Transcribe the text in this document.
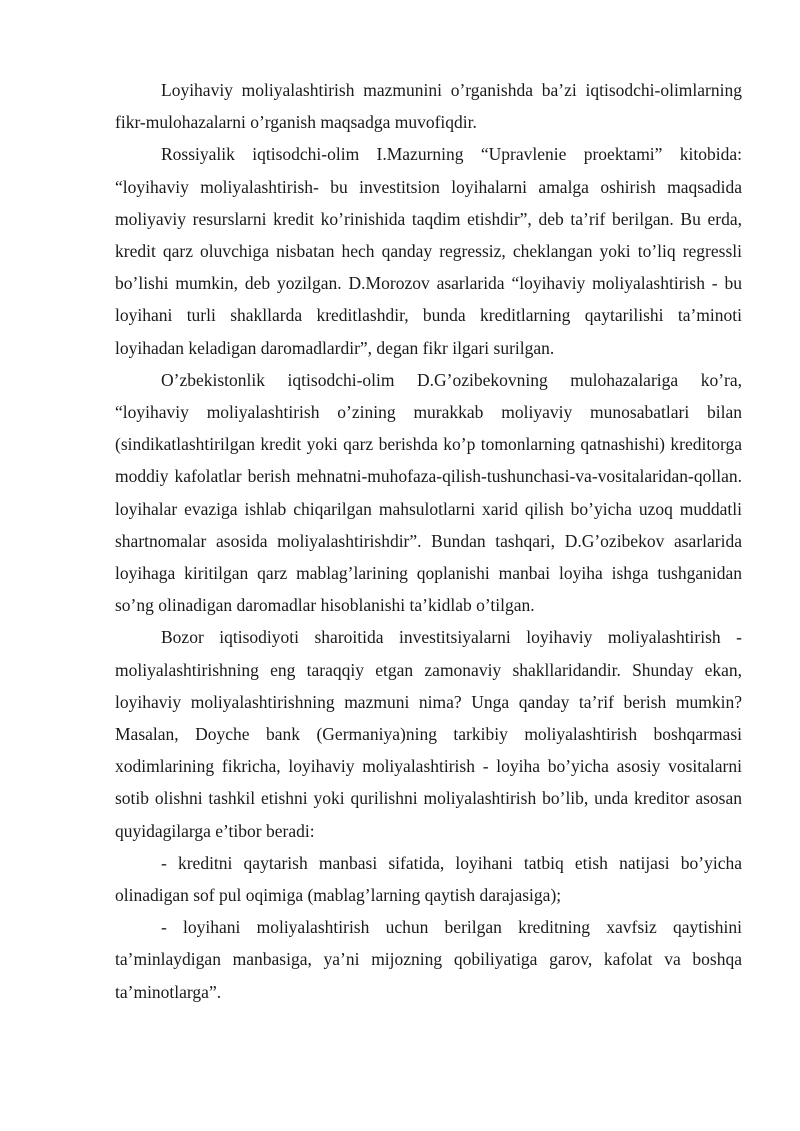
Loyihaviy moliyalashtirish mazmunini o’rganishda ba’zi iqtisodchi-olimlarning fikr-mulohazalarni o’rganish maqsadga muvofiqdir.

Rossiyalik iqtisodchi-olim I.Mazurning “Upravlenie proektami” kitobida: “loyihaviy moliyalashtirish- bu investitsion loyihalarni amalga oshirish maqsadida moliyaviy resurslarni kredit ko’rinishida taqdim etishdir”, deb ta’rif berilgan. Bu erda, kredit qarz oluvchiga nisbatan hech qanday regressiz, cheklangan yoki to’liq regressli bo’lishi mumkin, deb yozilgan. D.Morozov asarlarida “loyihaviy moliyalashtirish - bu loyihani turli shakllarda kreditlashdir, bunda kreditlarning qaytarilishi ta’minoti loyihadan keladigan daromadlardir”, degan fikr ilgari surilgan.

O’zbekistonlik iqtisodchi-olim D.G’ozibekovning mulohazalariga ko’ra, “loyihaviy moliyalashtirish o’zining murakkab moliyaviy munosabatlari bilan (sindikatlashtirilgan kredit yoki qarz berishda ko’p tomonlarning qatnashishi) kreditorga moddiy kafolatlar berish mehnatni-muhofaza-qilish-tushunchasi-va-vositalaridan-qollan. loyihalar evaziga ishlab chiqarilgan mahsulotlarni xarid qilish bo’yicha uzoq muddatli shartnomalar asosida moliyalashtirishdir”. Bundan tashqari, D.G’ozibekov asarlarida loyihaga kiritilgan qarz mablag’larining qoplanishi manbai loyiha ishga tushganidan so’ng olinadigan daromadlar hisoblanishi ta’kidlab o’tilgan.

Bozor iqtisodiyoti sharoitida investitsiyalarni loyihaviy moliyalashtirish - moliyalashtirishning eng taraqqiy etgan zamonaviy shakllaridandir. Shunday ekan, loyihaviy moliyalashtirishning mazmuni nima? Unga qanday ta’rif berish mumkin? Masalan, Doyche bank (Germaniya)ning tarkibiy moliyalashtirish boshqarmasi xodimlarining fikricha, loyihaviy moliyalashtirish - loyiha bo’yicha asosiy vositalarni sotib olishni tashkil etishni yoki qurilishni moliyalashtirish bo’lib, unda kreditor asosan quyidagilarga e’tibor beradi:

- kreditni qaytarish manbasi sifatida, loyihani tatbiq etish natijasi bo’yicha olinadigan sof pul oqimiga (mablag’larning qaytish darajasiga);

- loyihani moliyalashtirish uchun berilgan kreditning xavfsiz qaytishini ta’minlaydigan manbasiga, ya’ni mijozning qobiliyatiga garov, kafolat va boshqa ta’minotlarga”.
